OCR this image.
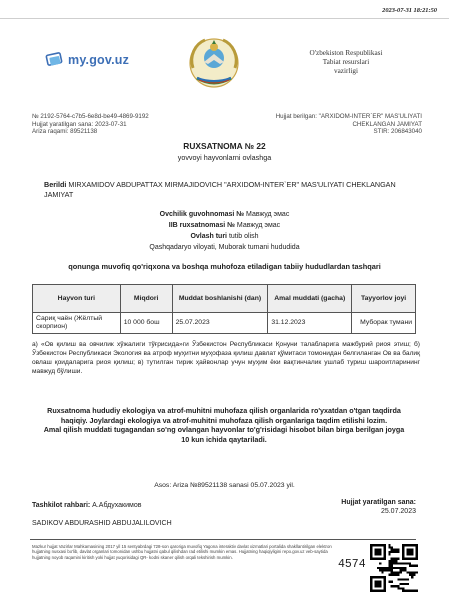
2023-07-31 18:21:50
my.gov.uz	O'zbekiston Respublikasi
Tabiat resurslari
vazirligi
№ 2192-5764-c7b5-6e8d-be49-4869-9192
Hujjat yaratilgan sana: 2023-07-31
Ariza raqami: 89521138
Hujjat berilgan: "ARXIDOM-INTER`ER" MAS'ULIYATI
CHEKLANGAN JAMIYAT
STIR: 206843040
RUXSATNOMA № 22
yovvoyi hayvonlarni ovlashga
Berildi MIRXAMIDOV ABDUPATTAX MIRMAJIDOVICH "ARXIDOM-INTER`ER" MAS'ULIYATI CHEKLANGAN JAMIYAT
Ovchilik guvohnomasi № Мавжуд эмас
IIB ruxsatnomasi № Мавжуд эмас
Ovlash turi tutib olish
Qashqadaryo viloyati, Muborak tumani hududida
qonunga muvofiq qo'riqxona va boshqa muhofoza etiladigan tabiiy hududlardan tashqari
Hayvon turi	Miqdori	Muddat boshlanishi (dan)	Amal muddati (gacha)	Tayyorlov joyi
Сариқ чаён (Жёлтый скорпион)	10 000 бош	25.07.2023	31.12.2023	Муборак тумани
а) «Ов қилиш ва овчилик хўжалиги тўғрисида»ги Ўзбекистон Республикаси Қонуни талабларига мажбурий риоя этиш; б) Ўзбекистон Республикаси Экология ва атроф муҳитни муҳофаза қилиш давлат қўмитаси томонидан белгиланган Ов ва балиқ овлаш қоидаларига риоя қилиш; в) тутилган тирик ҳайвонлар учун муҳим ёки вақтинчалик ушлаб туриш шароитларининг мавжуд бўлиши.
Ruxsatnoma hududiy ekologiya va atrof-muhitni muhofaza qilish organlarida ro'yxatdan o'tgan taqdirda haqiqiy. Joylardagi ekologiya va atrof-muhitni muhofaza qilish organlariga taqdim etilishi lozim.
Amal qilish muddati tugagandan so'ng ovlangan hayvonlar to'g'risidagi hisobot bilan birga berilgan joyga
10 kun ichida qaytariladi.
Asos: Ariza №89521138 sanasi 05.07.2023 yil.
Tashkilot rahbari: А.Абдухакимов	Hujjat yaratilgan sana:
25.07.2023
SADIKOV ABDURASHID ABDUJALILOVICH
Mazkur hujjat Vazirlar Mahkamasining 2017 yil 15 sentyabrdagi 728-son qaroriga muvofiq Yagona interaktiv davlat xizmatlari portalida shakllantirilgan elektron hujjatning nusxasi bo'lib, davlat organlari tomonidan ushbu hujjatni qabul qilishdan rad etilishi mumkin emas. Hujjatning haqiqiyligini repo.gov.uz veb-saytida hujjatning noyob raqamini kiritish yoki hujjat yuqorisidagi QR- kodni skaner qilish orqali tekshirish mumkin.
4574
